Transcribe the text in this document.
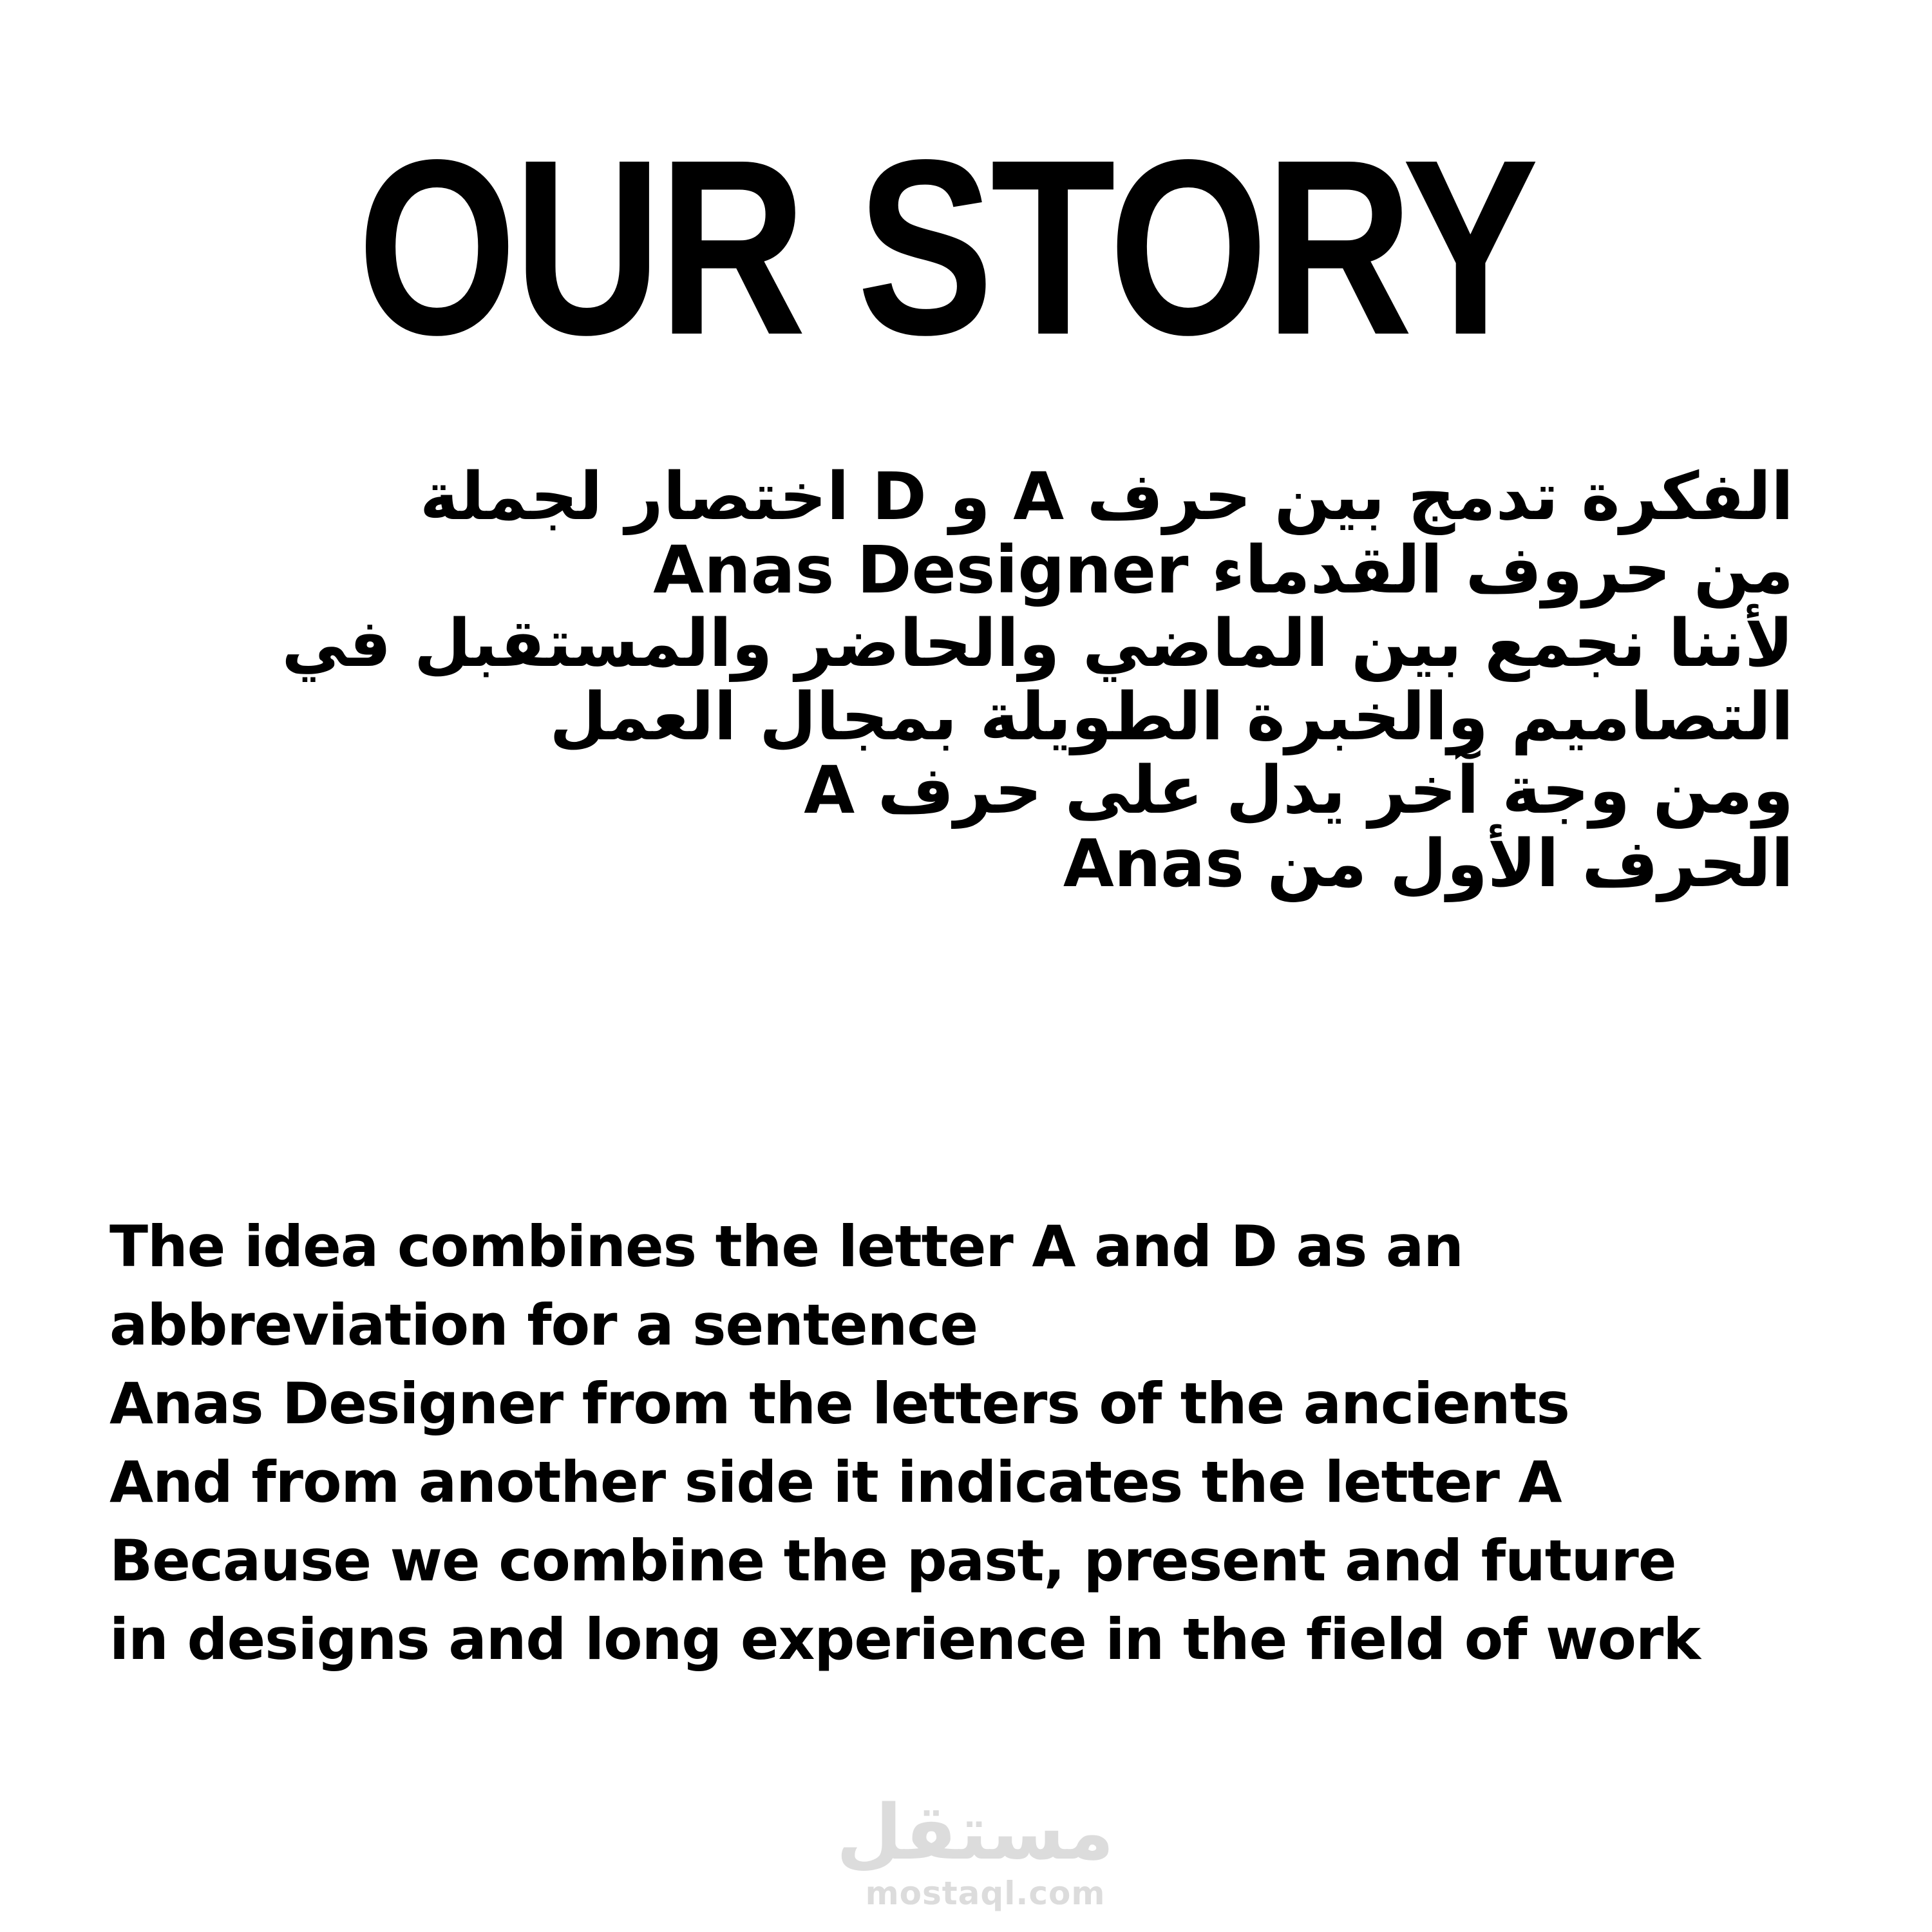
OUR STORY
الفكرة تدمج بين حرف A و D اختصار لجملة
Anas Designer من حروف القدماء
لأننا نجمع بين الماضي والحاضر والمستقبل في
التصاميم والخبرة الطويلة بمجال العمل
ومن وجة آخر يدل على حرف A
الحرف الأول من Anas
The idea combines the letter A and D as an
abbreviation for a sentence
Anas Designer from the letters of the ancients
And from another side it indicates the letter A
Because we combine the past, present and future
in designs and long experience in the field of work
مستقل
mostaql.com
